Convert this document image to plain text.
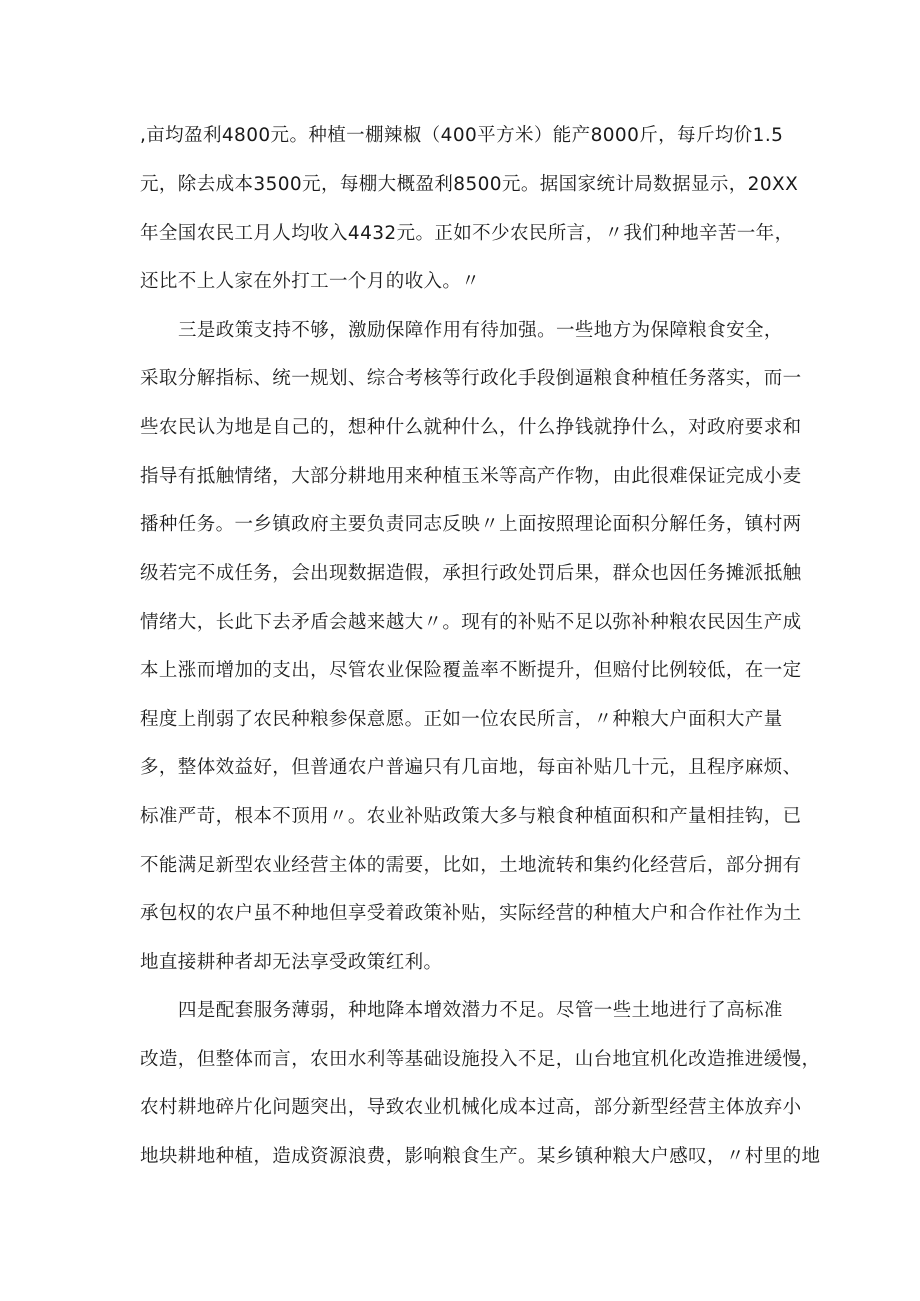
,亩均盈利4800元。种植一棚辣椒（400平方米）能产8000斤，每斤均价1.5
元，除去成本3500元，每棚大概盈利8500元。据国家统计局数据显示，20XX
年全国农民工月人均收入4432元。正如不少农民所言，〃我们种地辛苦一年，
还比不上人家在外打工一个月的收入。〃
三是政策支持不够，激励保障作用有待加强。一些地方为保障粮食安全，
采取分解指标、统一规划、综合考核等行政化手段倒逼粮食种植任务落实，而一
些农民认为地是自己的，想种什么就种什么，什么挣钱就挣什么，对政府要求和
指导有抵触情绪，大部分耕地用来种植玉米等高产作物，由此很难保证完成小麦
播种任务。一乡镇政府主要负责同志反映〃上面按照理论面积分解任务，镇村两
级若完不成任务，会出现数据造假，承担行政处罚后果，群众也因任务摊派抵触
情绪大，长此下去矛盾会越来越大〃。现有的补贴不足以弥补种粮农民因生产成
本上涨而增加的支出，尽管农业保险覆盖率不断提升，但赔付比例较低，在一定
程度上削弱了农民种粮参保意愿。正如一位农民所言，〃种粮大户面积大产量
多，整体效益好，但普通农户普遍只有几亩地，每亩补贴几十元，且程序麻烦、
标准严苛，根本不顶用〃。农业补贴政策大多与粮食种植面积和产量相挂钩，已
不能满足新型农业经营主体的需要，比如，土地流转和集约化经营后，部分拥有
承包权的农户虽不种地但享受着政策补贴，实际经营的种植大户和合作社作为土
地直接耕种者却无法享受政策红利。
四是配套服务薄弱，种地降本增效潜力不足。尽管一些土地进行了高标准
改造，但整体而言，农田水利等基础设施投入不足，山台地宜机化改造推进缓慢，
农村耕地碎片化问题突出，导致农业机械化成本过高，部分新型经营主体放弃小
地块耕地种植，造成资源浪费，影响粮食生产。某乡镇种粮大户感叹，〃村里的地
